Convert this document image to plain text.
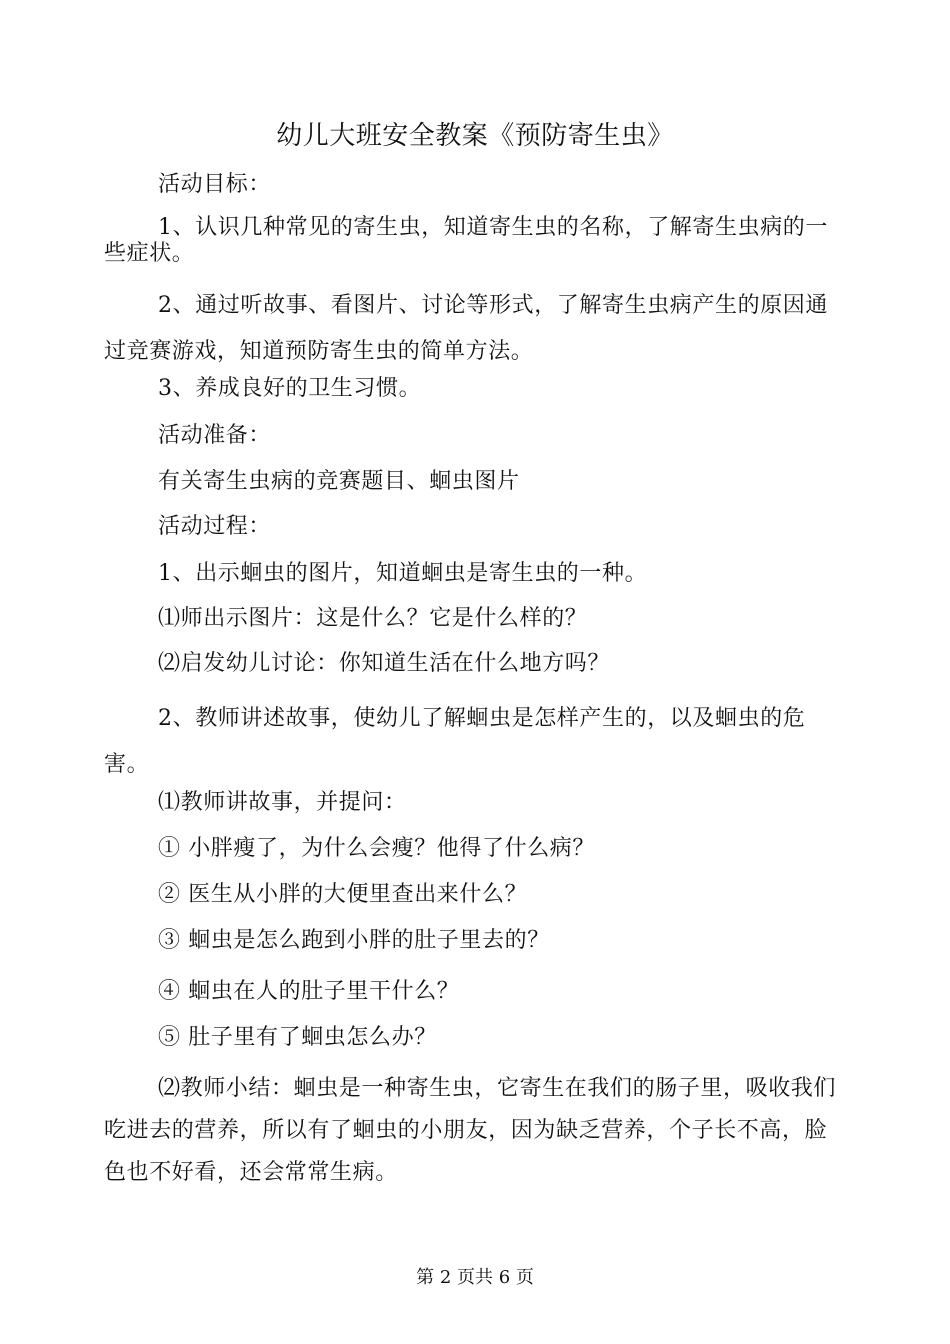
幼儿大班安全教案《预防寄生虫》

活动目标：

1、认识几种常见的寄生虫，知道寄生虫的名称，了解寄生虫病的一些症状。

2、通过听故事、看图片、讨论等形式，了解寄生虫病产生的原因通过竞赛游戏，知道预防寄生虫的简单方法。

3、养成良好的卫生习惯。

活动准备：

有关寄生虫病的竞赛题目、蛔虫图片

活动过程：

1、出示蛔虫的图片，知道蛔虫是寄生虫的一种。

⑴师出示图片：这是什么？它是什么样的？

⑵启发幼儿讨论：你知道生活在什么地方吗？

2、教师讲述故事，使幼儿了解蛔虫是怎样产生的，以及蛔虫的危害。

⑴教师讲故事，并提问：

① 小胖瘦了，为什么会瘦？他得了什么病？

② 医生从小胖的大便里查出来什么？

③ 蛔虫是怎么跑到小胖的肚子里去的？

④ 蛔虫在人的肚子里干什么？

⑤ 肚子里有了蛔虫怎么办？

⑵教师小结：蛔虫是一种寄生虫，它寄生在我们的肠子里，吸收我们吃进去的营养，所以有了蛔虫的小朋友，因为缺乏营养，个子长不高，脸色也不好看，还会常常生病。

第 2 页共 6 页
